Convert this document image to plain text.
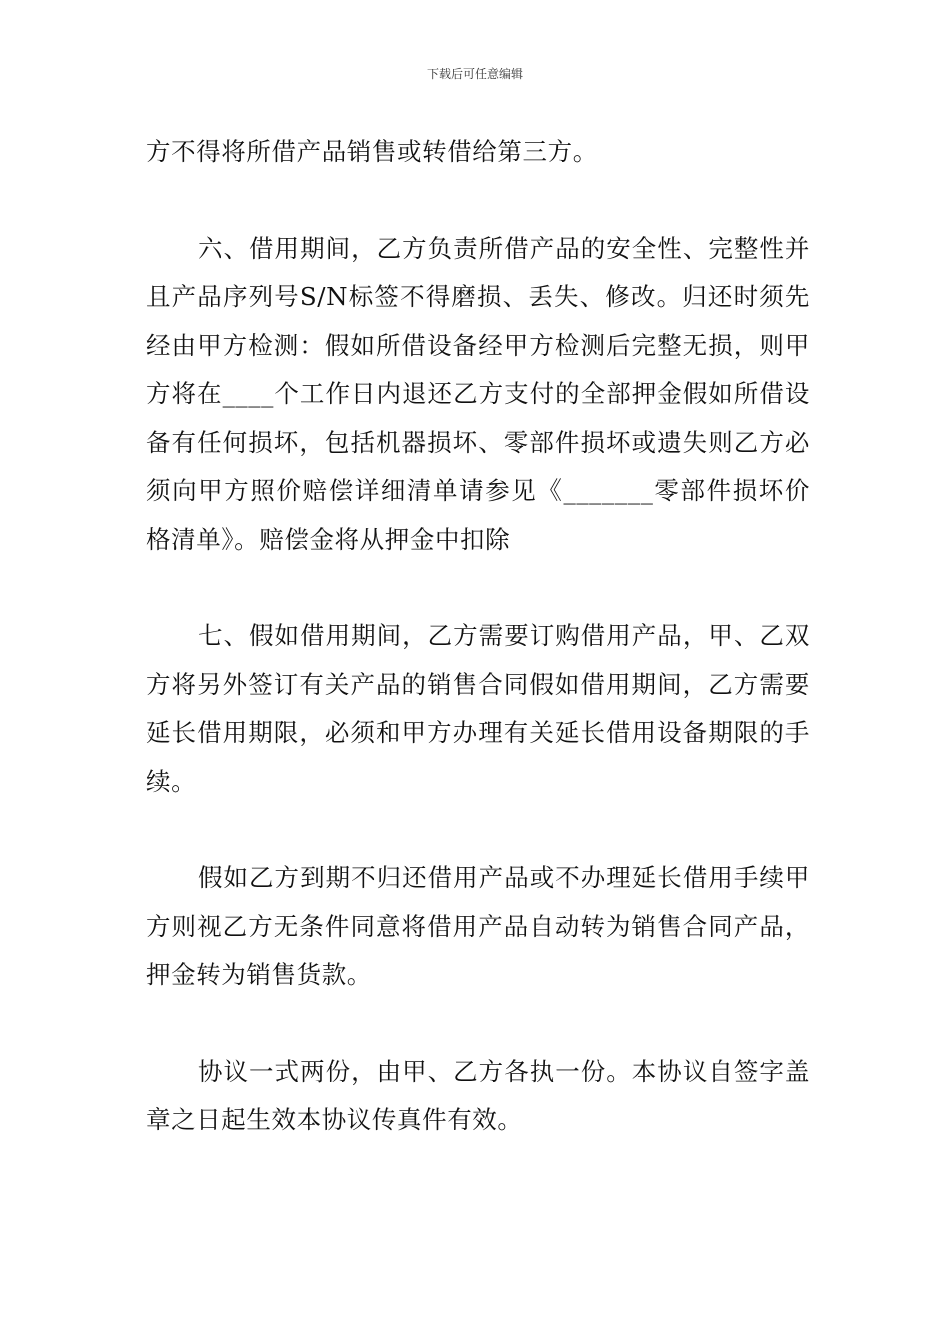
下载后可任意编辑

方不得将所借产品销售或转借给第三方。

六、借用期间，乙方负责所借产品的安全性、完整性并且产品序列号S/N标签不得磨损、丢失、修改。归还时须先经由甲方检测：假如所借设备经甲方检测后完整无损，则甲方将在____个工作日内退还乙方支付的全部押金假如所借设备有任何损坏，包括机器损坏、零部件损坏或遗失则乙方必须向甲方照价赔偿详细清单请参见《_______零部件损坏价格清单》。赔偿金将从押金中扣除

七、假如借用期间，乙方需要订购借用产品，甲、乙双方将另外签订有关产品的销售合同假如借用期间，乙方需要延长借用期限，必须和甲方办理有关延长借用设备期限的手续。

假如乙方到期不归还借用产品或不办理延长借用手续甲方则视乙方无条件同意将借用产品自动转为销售合同产品，押金转为销售货款。

协议一式两份，由甲、乙方各执一份。本协议自签字盖章之日起生效本协议传真件有效。
